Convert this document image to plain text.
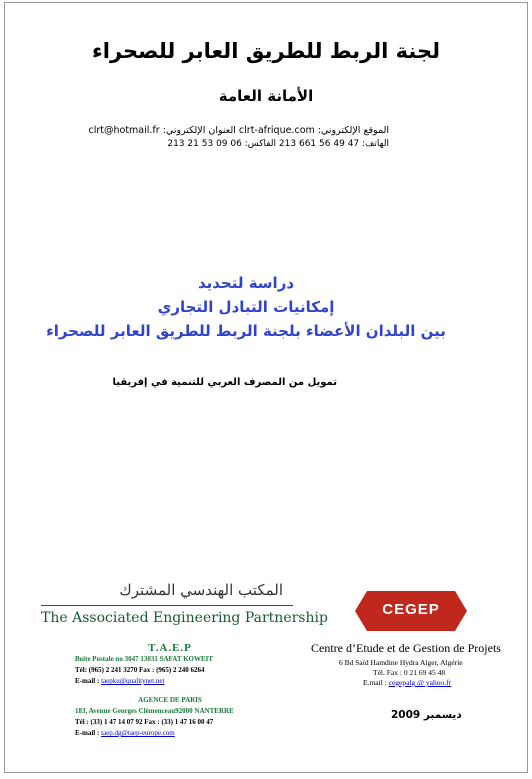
لجنة الربط للطريق العابر للصحراء
الأمانة العامة
الموقع الإلكتروني: clrt-afrique.com العنوان الإلكتروني: clrt@hotmail.fr
الهاتف: 47 49 56 661 213 الفاكس: 06 09 53 21 213
دراسة لتحديد
إمكانيات التبادل التجاري
بين البلدان الأعضاء بلجنة الربط للطريق العابر للصحراء
تمويل من المصرف العربي للتنمية في إفريقيا
المكتب الهندسي المشترك
The Associated Engineering Partnership
T.A.E.P
Boite Postale no 3047 13031 SAFAT KOWEIT
Tél: (965) 2 241 3270 Fax : (965) 2 240 6264
E-mail : taepku@qualitynet.net
AGENCE DE PARIS
183, Avenue Georges Clémenceau92000 NANTERRE
Tél : (33) 1 47 14 07 92 Fax : (33) 1 47 16 00 47
E-mail : taep.dg@taep-europe.com
CEGEP
Centre d’Etude et de Gestion de Projets
6 Bd Saïd Hamdine Hydra Alger, Algérie
Tél. Fax : 0 21 69 45 48
E.mail : cegepalg @ yahoo.fr
ديسمبر 2009
